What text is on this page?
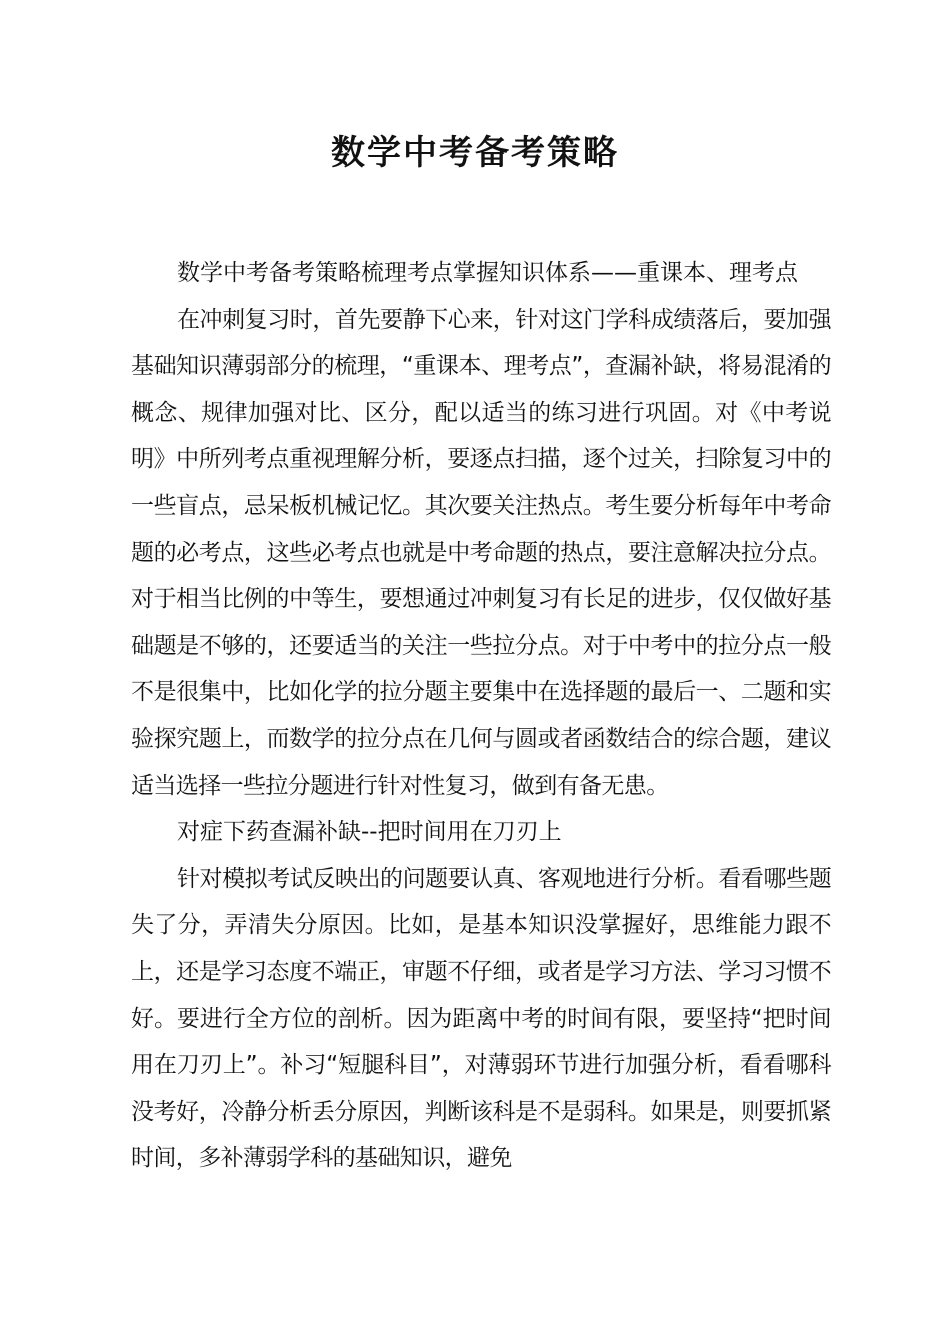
数学中考备考策略

数学中考备考策略梳理考点掌握知识体系——重课本、理考点

在冲刺复习时，首先要静下心来，针对这门学科成绩落后，要加强基础知识薄弱部分的梳理，“重课本、理考点”，查漏补缺，将易混淆的概念、规律加强对比、区分，配以适当的练习进行巩固。对《中考说明》中所列考点重视理解分析，要逐点扫描，逐个过关，扫除复习中的一些盲点，忌呆板机械记忆。其次要关注热点。考生要分析每年中考命题的必考点，这些必考点也就是中考命题的热点，要注意解决拉分点。对于相当比例的中等生，要想通过冲刺复习有长足的进步，仅仅做好基础题是不够的，还要适当的关注一些拉分点。对于中考中的拉分点一般不是很集中，比如化学的拉分题主要集中在选择题的最后一、二题和实验探究题上，而数学的拉分点在几何与圆或者函数结合的综合题，建议适当选择一些拉分题进行针对性复习，做到有备无患。

对症下药查漏补缺--把时间用在刀刃上

针对模拟考试反映出的问题要认真、客观地进行分析。看看哪些题失了分，弄清失分原因。比如，是基本知识没掌握好，思维能力跟不上，还是学习态度不端正，审题不仔细，或者是学习方法、学习习惯不好。要进行全方位的剖析。因为距离中考的时间有限，要坚持“把时间用在刀刃上”。补习“短腿科目”，对薄弱环节进行加强分析，看看哪科没考好，冷静分析丢分原因，判断该科是不是弱科。如果是，则要抓紧时间，多补薄弱学科的基础知识，避免
